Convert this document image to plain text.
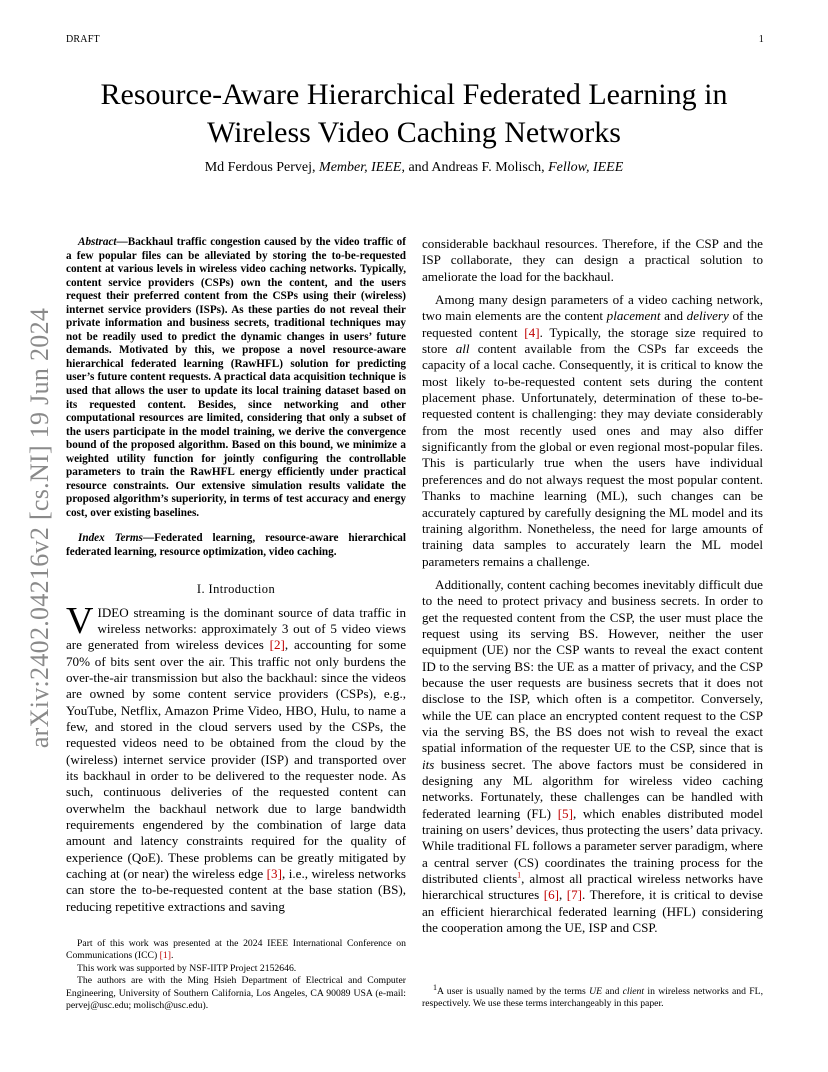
DRAFT	1
Resource-Aware Hierarchical Federated Learning in
Wireless Video Caching Networks
Md Ferdous Pervej, Member, IEEE, and Andreas F. Molisch, Fellow, IEEE
arXiv:2402.04216v2 [cs.NI] 19 Jun 2024

Abstract—Backhaul traffic congestion caused by the video traffic of a few popular files can be alleviated by storing the to-be-requested content at various levels in wireless video caching networks. Typically, content service providers (CSPs) own the content, and the users request their preferred content from the CSPs using their (wireless) internet service providers (ISPs). As these parties do not reveal their private information and business secrets, traditional techniques may not be readily used to predict the dynamic changes in users’ future demands. Motivated by this, we propose a novel resource-aware hierarchical federated learning (RawHFL) solution for predicting user’s future content requests. A practical data acquisition technique is used that allows the user to update its local training dataset based on its requested content. Besides, since networking and other computational resources are limited, considering that only a subset of the users participate in the model training, we derive the convergence bound of the proposed algorithm. Based on this bound, we minimize a weighted utility function for jointly configuring the controllable parameters to train the RawHFL energy efficiently under practical resource constraints. Our extensive simulation results validate the proposed algorithm’s superiority, in terms of test accuracy and energy cost, over existing baselines.

Index Terms—Federated learning, resource-aware hierarchical federated learning, resource optimization, video caching.

I. Introduction

VIDEO streaming is the dominant source of data traffic in wireless networks: approximately 3 out of 5 video views are generated from wireless devices [2], accounting for some 70% of bits sent over the air. This traffic not only burdens the over-the-air transmission but also the backhaul: since the videos are owned by some content service providers (CSPs), e.g., YouTube, Netflix, Amazon Prime Video, HBO, Hulu, to name a few, and stored in the cloud servers used by the CSPs, the requested videos need to be obtained from the cloud by the (wireless) internet service provider (ISP) and transported over its backhaul in order to be delivered to the requester node. As such, continuous deliveries of the requested content can overwhelm the backhaul network due to large bandwidth requirements engendered by the combination of large data amount and latency constraints required for the quality of experience (QoE). These problems can be greatly mitigated by caching at (or near) the wireless edge [3], i.e., wireless networks can store the to-be-requested content at the base station (BS), reducing repetitive extractions and saving

Part of this work was presented at the 2024 IEEE International Conference on Communications (ICC) [1].

This work was supported by NSF-IITP Project 2152646.

The authors are with the Ming Hsieh Department of Electrical and Computer Engineering, University of Southern California, Los Angeles, CA 90089 USA (e-mail: pervej@usc.edu; molisch@usc.edu).

considerable backhaul resources. Therefore, if the CSP and the ISP collaborate, they can design a practical solution to ameliorate the load for the backhaul.

Among many design parameters of a video caching network, two main elements are the content placement and delivery of the requested content [4]. Typically, the storage size required to store all content available from the CSPs far exceeds the capacity of a local cache. Consequently, it is critical to know the most likely to-be-requested content sets during the content placement phase. Unfortunately, determination of these to-be-requested content is challenging: they may deviate considerably from the most recently used ones and may also differ significantly from the global or even regional most-popular files. This is particularly true when the users have individual preferences and do not always request the most popular content. Thanks to machine learning (ML), such changes can be accurately captured by carefully designing the ML model and its training algorithm. Nonetheless, the need for large amounts of training data samples to accurately learn the ML model parameters remains a challenge.

Additionally, content caching becomes inevitably difficult due to the need to protect privacy and business secrets. In order to get the requested content from the CSP, the user must place the request using its serving BS. However, neither the user equipment (UE) nor the CSP wants to reveal the exact content ID to the serving BS: the UE as a matter of privacy, and the CSP because the user requests are business secrets that it does not disclose to the ISP, which often is a competitor. Conversely, while the UE can place an encrypted content request to the CSP via the serving BS, the BS does not wish to reveal the exact spatial information of the requester UE to the CSP, since that is its business secret. The above factors must be considered in designing any ML algorithm for wireless video caching networks. Fortunately, these challenges can be handled with federated learning (FL) [5], which enables distributed model training on users’ devices, thus protecting the users’ data privacy. While traditional FL follows a parameter server paradigm, where a central server (CS) coordinates the training process for the distributed clients$^1$, almost all practical wireless networks have hierarchical structures [6], [7]. Therefore, it is critical to devise an efficient hierarchical federated learning (HFL) considering the cooperation among the UE, ISP and CSP.

$^1$A user is usually named by the terms UE and client in wireless networks and FL, respectively. We use these terms interchangeably in this paper.
